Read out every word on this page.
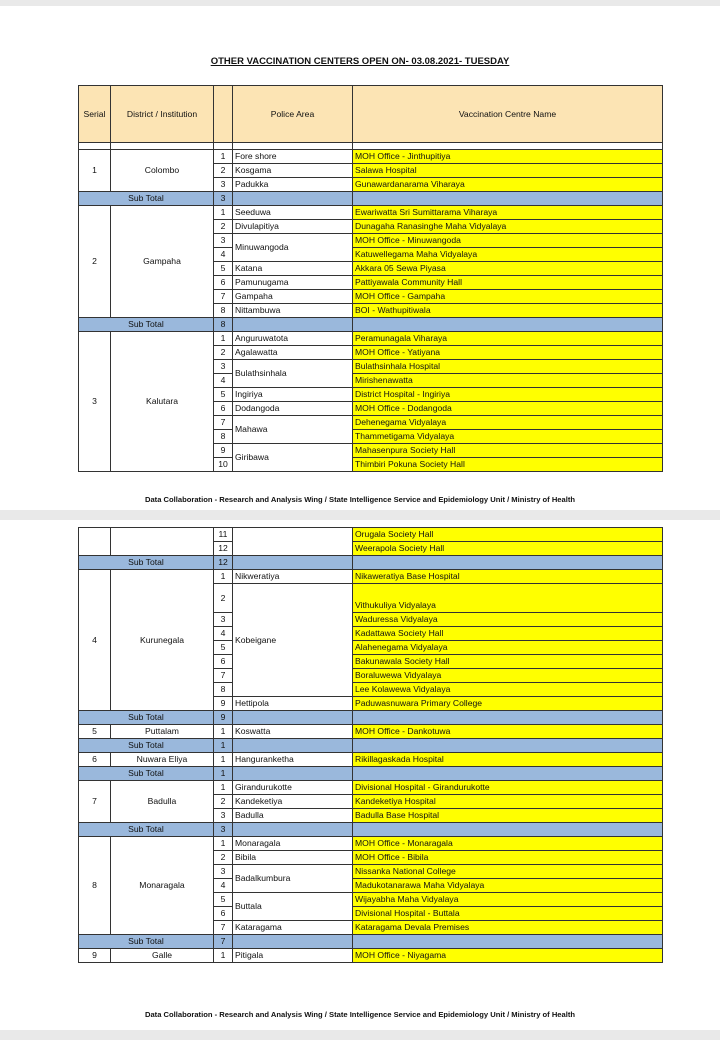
OTHER VACCINATION CENTERS OPEN ON- 03.08.2021- TUESDAY
Serial	District / Institution		Police Area	Vaccination Centre Name

1	Colombo	1	Fore shore	MOH Office - Jinthupitiya
		2	Kosgama	Salawa Hospital
		3	Padukka	Gunawardanarama Viharaya
Sub Total		3		
2	Gampaha	1	Seeduwa	Ewariwatta Sri Sumittarama Viharaya
		2	Divulapitiya	Dunagaha Ranasinghe Maha Vidyalaya
		3	Minuwangoda	MOH Office - Minuwangoda
		4		Katuwellegama Maha Vidyalaya
		5	Katana	Akkara 05 Sewa Piyasa
		6	Pamunugama	Pattiyawala Community Hall
		7	Gampaha	MOH Office - Gampaha
		8	Nittambuwa	BOI - Wathupitiwala
Sub Total		8		
3	Kalutara	1	Anguruwatota	Peramunagala Viharaya
		2	Agalawatta	MOH Office - Yatiyana
		3	Bulathsinhala	Bulathsinhala Hospital
		4		Mirishenawatta
		5	Ingiriya	District Hospital - Ingiriya
		6	Dodangoda	MOH Office - Dodangoda
		7	Mahawa	Dehenegama Vidyalaya
		8		Thammetigama Vidyalaya
		9	Giribawa	Mahasenpura Society Hall
		10		Thimbiri Pokuna Society Hall
Data Collaboration - Research and Analysis Wing / State Intelligence Service and Epidemiology Unit / Ministry of Health
		11		Orugala Society Hall
		12		Weerapola Society Hall
Sub Total		12		
4	Kurunegala	1	Nikweratiya	Nikaweratiya Base Hospital
		2	Kobeigane	Vithukuliya Vidyalaya
		3		Waduressa Vidyalaya
		4		Kadattawa Society Hall
		5		Alahenegama Vidyalaya
		6		Bakunawala Society Hall
		7		Boraluwewa Vidyalaya
		8		Lee Kolawewa Vidyalaya
		9	Hettipola	Paduwasnuwara Primary College
Sub Total		9		
5	Puttalam	1	Koswatta	MOH Office - Dankotuwa
Sub Total		1		
6	Nuwara Eliya	1	Hanguranketha	Rikillagaskada Hospital
Sub Total		1		
7	Badulla	1	Girandurukotte	Divisional Hospital - Girandurukotte
		2	Kandeketiya	Kandeketiya Hospital
		3	Badulla	Badulla Base Hospital
Sub Total		3		
8	Monaragala	1	Monaragala	MOH Office - Monaragala
		2	Bibila	MOH Office - Bibila
		3	Badalkumbura	Nissanka National College
		4		Madukotanarawa Maha Vidyalaya
		5	Buttala	Wijayabha Maha Vidyalaya
		6		Divisional Hospital - Buttala
		7	Kataragama	Kataragama Devala Premises
Sub Total		7		
9	Galle	1	Pitigala	MOH Office - Niyagama
Data Collaboration - Research and Analysis Wing / State Intelligence Service and Epidemiology Unit / Ministry of Health
